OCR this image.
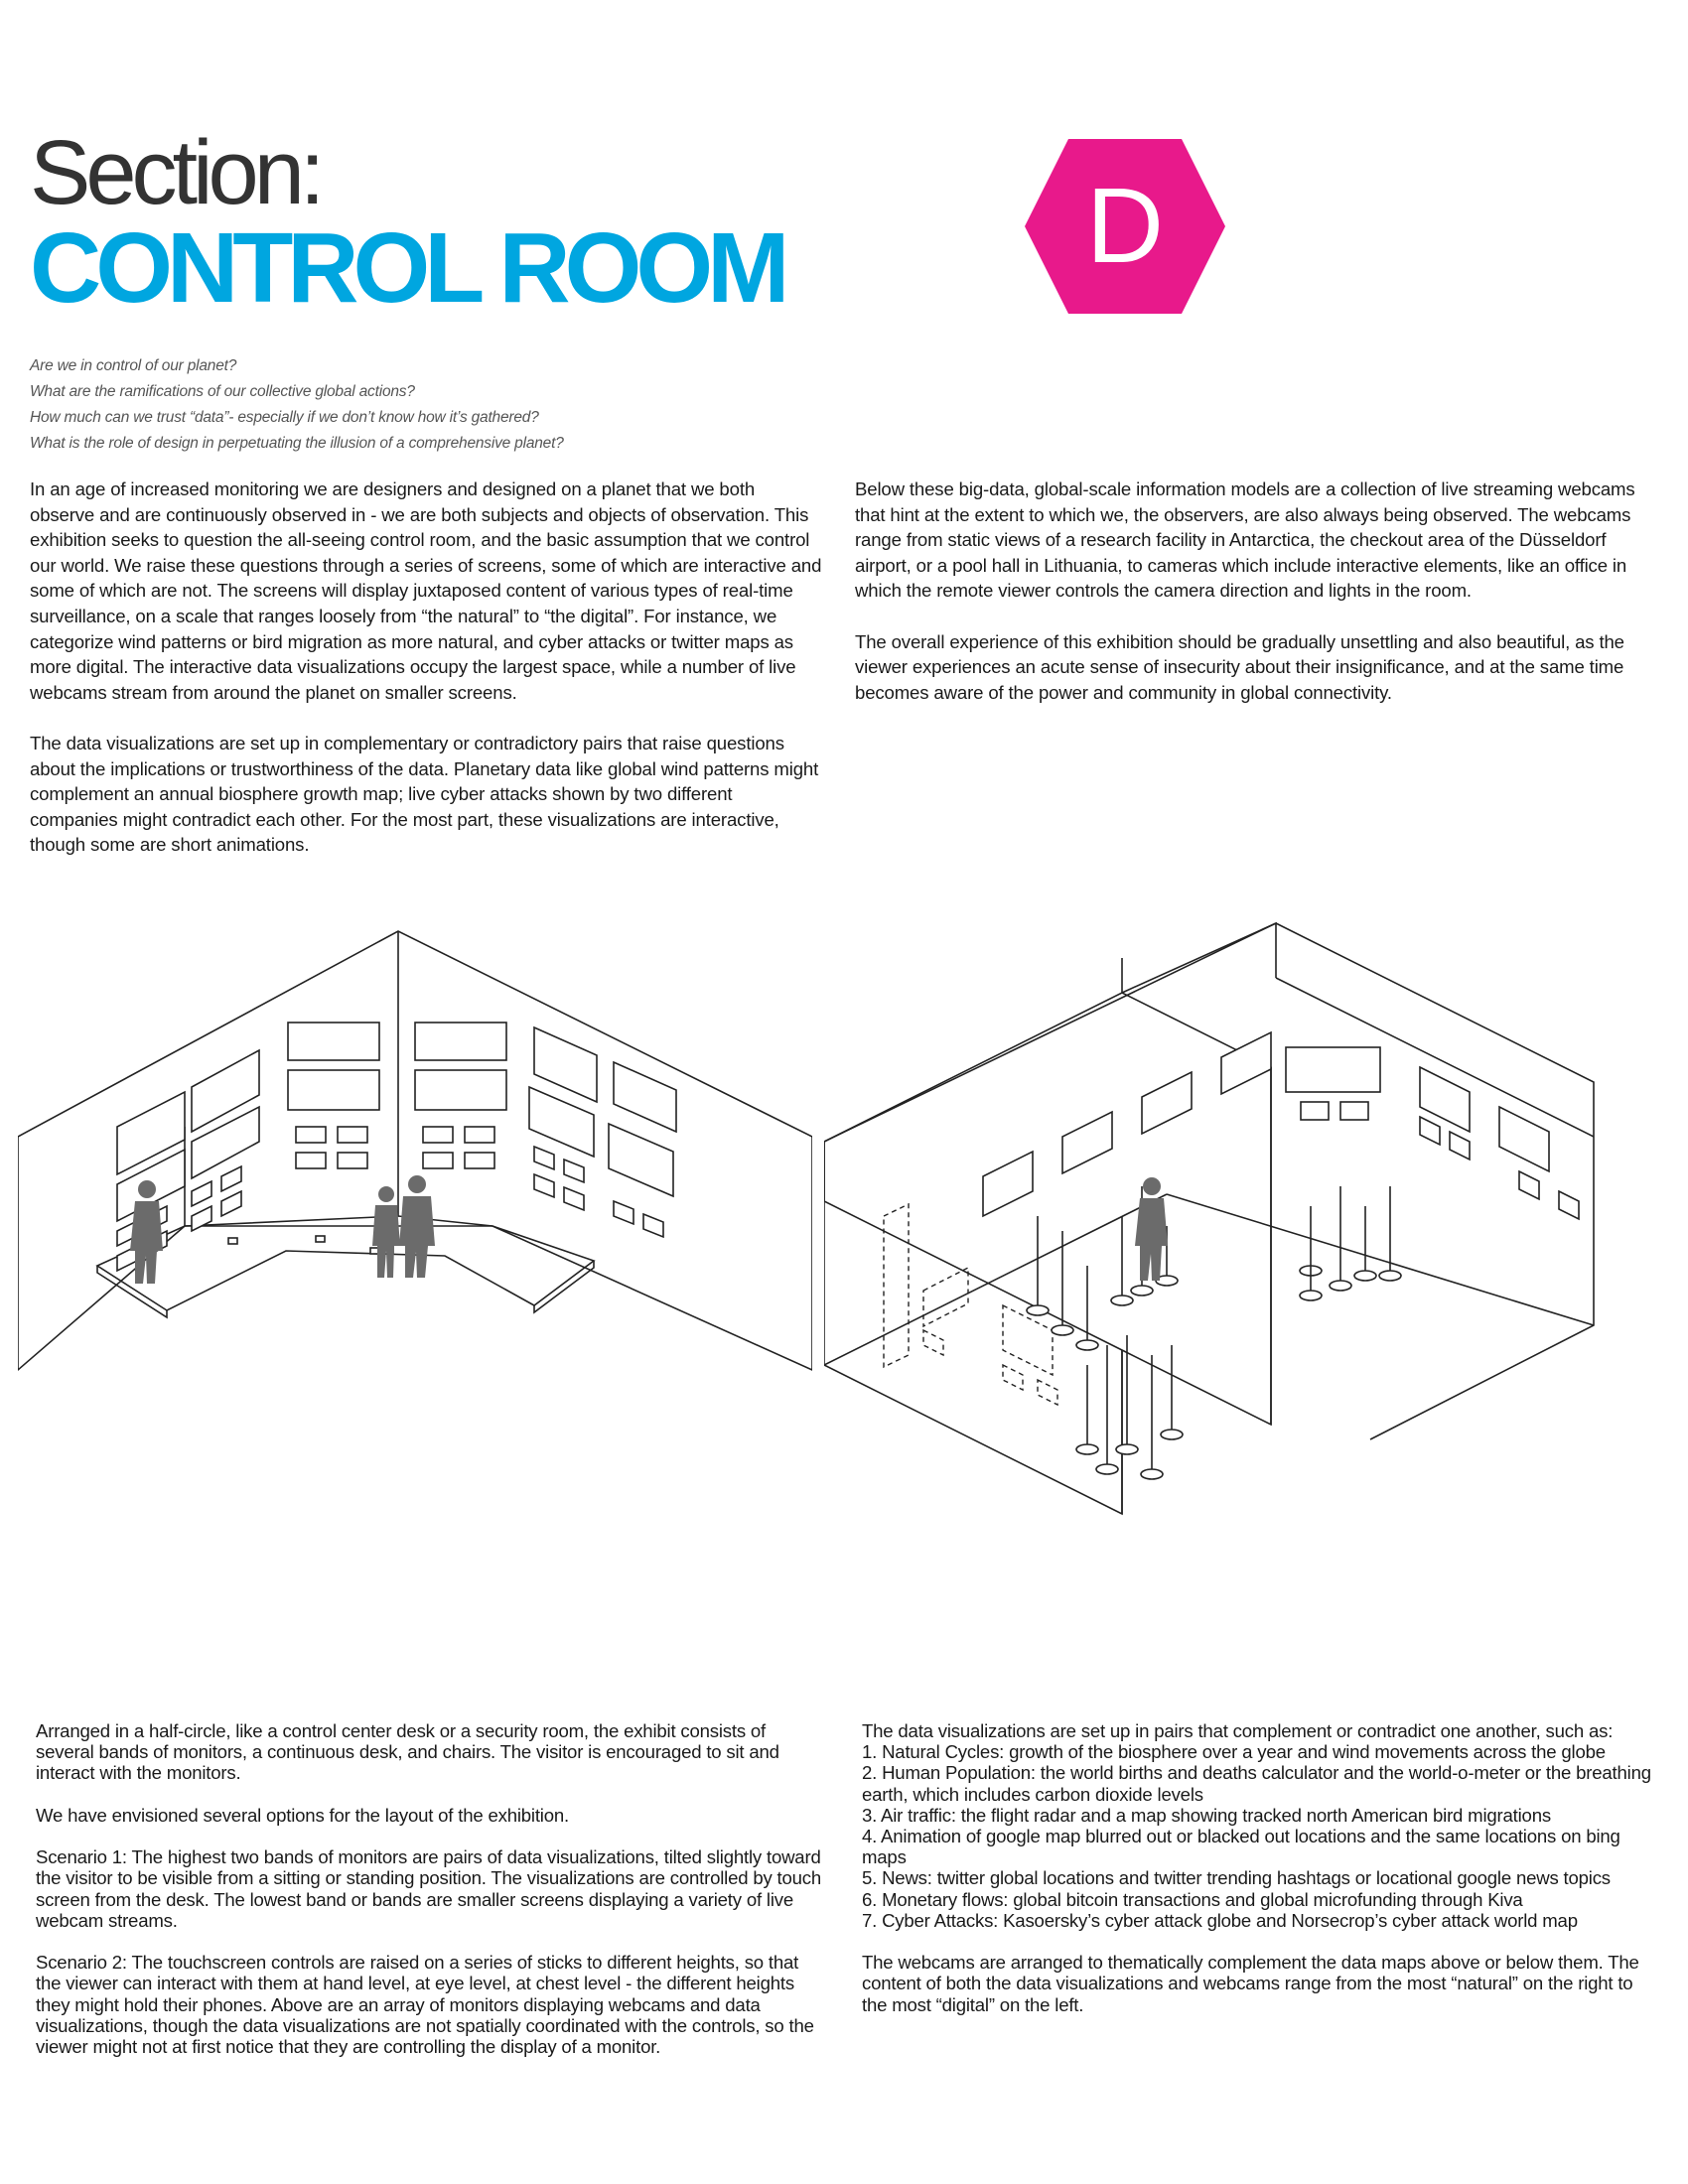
Section:
CONTROL ROOM	D
Are we in control of our planet?
What are the ramifications of our collective global actions?
How much can we trust “data”- especially if we don’t know how it’s gathered?
What is the role of design in perpetuating the illusion of a comprehensive planet?

In an age of increased monitoring we are designers and designed on a planet that we both observe and are continuously observed in - we are both subjects and objects of observation. This exhibition seeks to question the all-seeing control room, and the basic assumption that we control our world. We raise these questions through a series of screens, some of which are interactive and some of which are not. The screens will display juxtaposed content of various types of real-time surveillance, on a scale that ranges loosely from “the natural” to “the digital”. For instance, we categorize wind patterns or bird migration as more natural, and cyber attacks or twitter maps as more digital. The interactive data visualizations occupy the largest space, while a number of live webcams stream from around the planet on smaller screens.

The data visualizations are set up in complementary or contradictory pairs that raise questions about the implications or trustworthiness of the data. Planetary data like global wind patterns might complement an annual biosphere growth map; live cyber attacks shown by two different companies might contradict each other. For the most part, these visualizations are interactive, though some are short animations.

Below these big-data, global-scale information models are a collection of live streaming webcams that hint at the extent to which we, the observers, are also always being observed. The webcams range from static views of a research facility in Antarctica, the checkout area of the Düsseldorf airport, or a pool hall in Lithuania, to cameras which include interactive elements, like an office in which the remote viewer controls the camera direction and lights in the room.

The overall experience of this exhibition should be gradually unsettling and also beautiful, as the viewer experiences an acute sense of insecurity about their insignificance, and at the same time becomes aware of the power and community in global connectivity.

Arranged in a half-circle, like a control center desk or a security room, the exhibit consists of several bands of monitors, a continuous desk, and chairs. The visitor is encouraged to sit and interact with the monitors.

We have envisioned several options for the layout of the exhibition.

Scenario 1: The highest two bands of monitors are pairs of data visualizations, tilted slightly toward the visitor to be visible from a sitting or standing position. The visualizations are controlled by touch screen from the desk. The lowest band or bands are smaller screens displaying a variety of live webcam streams.

Scenario 2: The touchscreen controls are raised on a series of sticks to different heights, so that the viewer can interact with them at hand level, at eye level, at chest level - the different heights they might hold their phones. Above are an array of monitors displaying webcams and data visualizations, though the data visualizations are not spatially coordinated with the controls, so the viewer might not at first notice that they are controlling the display of a monitor.

The data visualizations are set up in pairs that complement or contradict one another, such as:
1. Natural Cycles: growth of the biosphere over a year and wind movements across the globe
2. Human Population: the world births and deaths calculator and the world-o-meter or the breathing earth, which includes carbon dioxide levels
3. Air traffic: the flight radar and a map showing tracked north American bird migrations
4. Animation of google map blurred out or blacked out locations and the same locations on bing maps
5. News: twitter global locations and twitter trending hashtags or locational google news topics
6. Monetary flows: global bitcoin transactions and global microfunding through Kiva
7. Cyber Attacks: Kasoersky’s cyber attack globe and Norsecrop’s cyber attack world map

The webcams are arranged to thematically complement the data maps above or below them. The content of both the data visualizations and webcams range from the most “natural” on the right to the most “digital” on the left.
